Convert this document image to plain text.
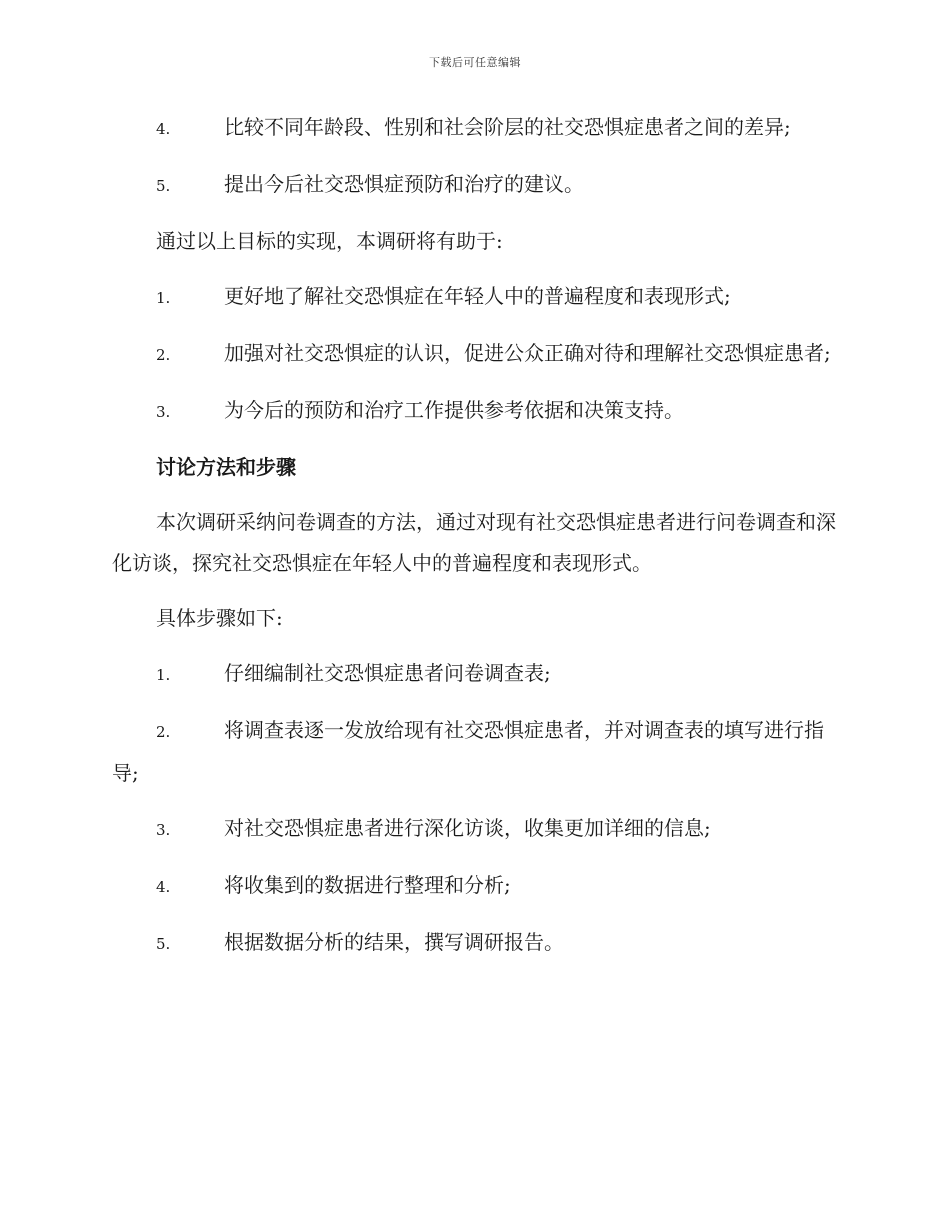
下载后可任意编辑

4.	比较不同年龄段、性别和社会阶层的社交恐惧症患者之间的差异;

5.	提出今后社交恐惧症预防和治疗的建议。

通过以上目标的实现，本调研将有助于:

1.	更好地了解社交恐惧症在年轻人中的普遍程度和表现形式;

2.	加强对社交恐惧症的认识，促进公众正确对待和理解社交恐惧症患者;

3.	为今后的预防和治疗工作提供参考依据和决策支持。

讨论方法和步骤

本次调研采纳问卷调查的方法，通过对现有社交恐惧症患者进行问卷调查和深化访谈，探究社交恐惧症在年轻人中的普遍程度和表现形式。

具体步骤如下:

1.	仔细编制社交恐惧症患者问卷调查表;

2.	将调查表逐一发放给现有社交恐惧症患者，并对调查表的填写进行指导;

3.	对社交恐惧症患者进行深化访谈，收集更加详细的信息;

4.	将收集到的数据进行整理和分析;

5.	根据数据分析的结果，撰写调研报告。
